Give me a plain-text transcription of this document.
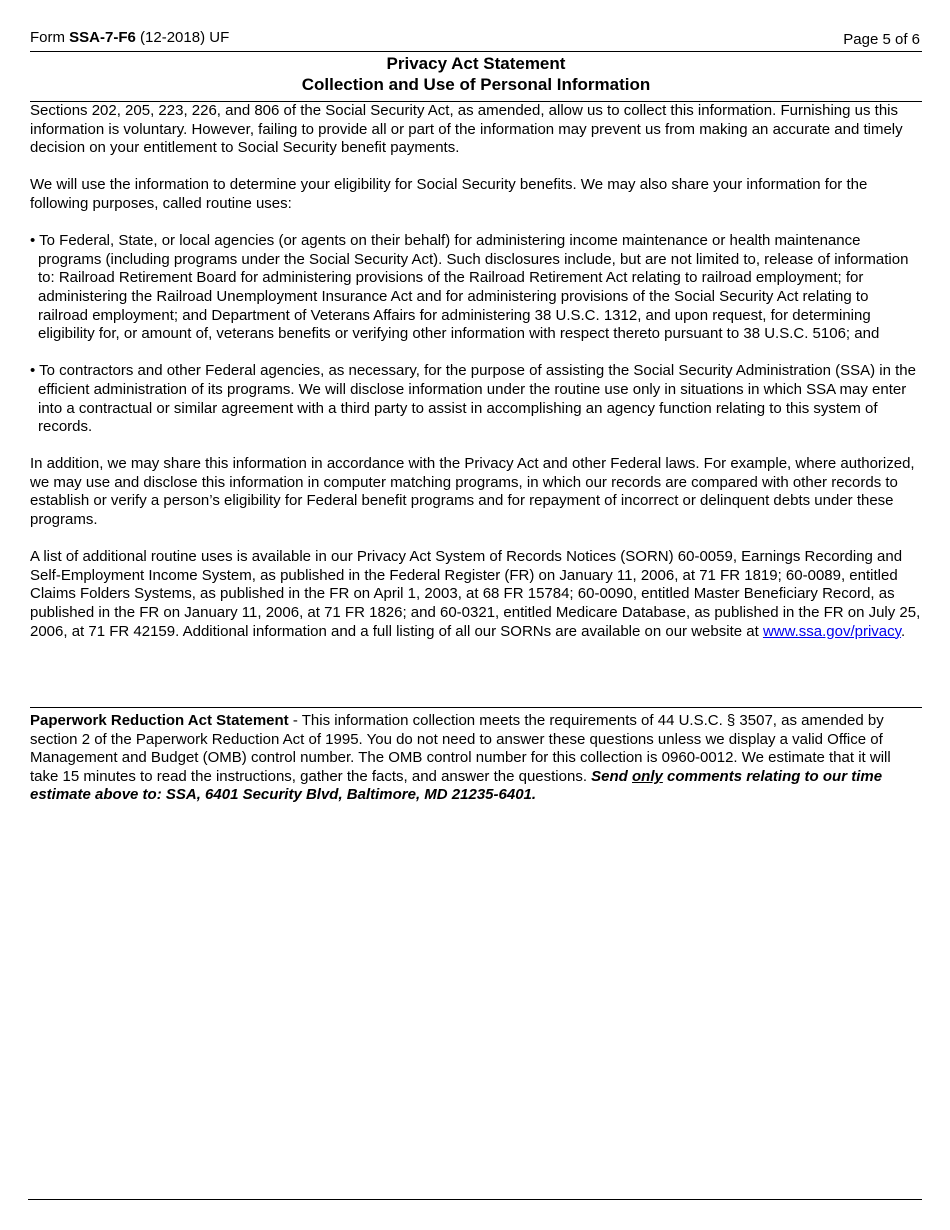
Form SSA-7-F6 (12-2018) UF	Page 5 of 6
Privacy Act Statement
Collection and Use of Personal Information

Sections 202, 205, 223, 226, and 806 of the Social Security Act, as amended, allow us to collect this information. Furnishing us this information is voluntary. However, failing to provide all or part of the information may prevent us from making an accurate and timely decision on your entitlement to Social Security benefit payments.

We will use the information to determine your eligibility for Social Security benefits. We may also share your information for the following purposes, called routine uses:

• To Federal, State, or local agencies (or agents on their behalf) for administering income maintenance or health maintenance programs (including programs under the Social Security Act). Such disclosures include, but are not limited to, release of information to: Railroad Retirement Board for administering provisions of the Railroad Retirement Act relating to railroad employment; for administering the Railroad Unemployment Insurance Act and for administering provisions of the Social Security Act relating to railroad employment; and Department of Veterans Affairs for administering 38 U.S.C. 1312, and upon request, for determining eligibility for, or amount of, veterans benefits or verifying other information with respect thereto pursuant to 38 U.S.C. 5106; and

• To contractors and other Federal agencies, as necessary, for the purpose of assisting the Social Security Administration (SSA) in the efficient administration of its programs. We will disclose information under the routine use only in situations in which SSA may enter into a contractual or similar agreement with a third party to assist in accomplishing an agency function relating to this system of records.

In addition, we may share this information in accordance with the Privacy Act and other Federal laws. For example, where authorized, we may use and disclose this information in computer matching programs, in which our records are compared with other records to establish or verify a person’s eligibility for Federal benefit programs and for repayment of incorrect or delinquent debts under these programs.

A list of additional routine uses is available in our Privacy Act System of Records Notices (SORN) 60-0059, Earnings Recording and Self-Employment Income System, as published in the Federal Register (FR) on January 11, 2006, at 71 FR 1819; 60-0089, entitled Claims Folders Systems, as published in the FR on April 1, 2003, at 68 FR 15784; 60-0090, entitled Master Beneficiary Record, as published in the FR on January 11, 2006, at 71 FR 1826; and 60-0321, entitled Medicare Database, as published in the FR on July 25, 2006, at 71 FR 42159. Additional information and a full listing of all our SORNs are available on our website at www.ssa.gov/privacy.

Paperwork Reduction Act Statement - This information collection meets the requirements of 44 U.S.C. § 3507, as amended by section 2 of the Paperwork Reduction Act of 1995. You do not need to answer these questions unless we display a valid Office of Management and Budget (OMB) control number. The OMB control number for this collection is 0960-0012. We estimate that it will take 15 minutes to read the instructions, gather the facts, and answer the questions. Send only comments relating to our time estimate above to: SSA, 6401 Security Blvd, Baltimore, MD 21235-6401.
